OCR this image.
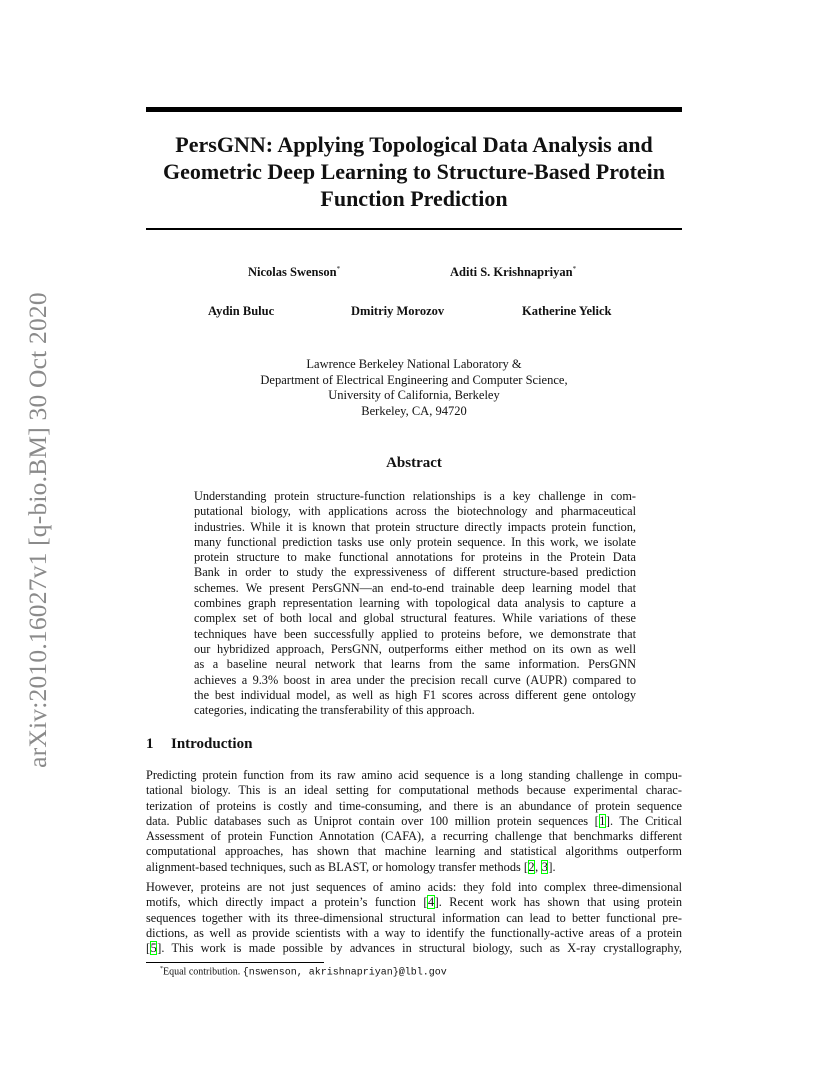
arXiv:2010.16027v1 [q-bio.BM] 30 Oct 2020
PersGNN: Applying Topological Data Analysis and
Geometric Deep Learning to Structure-Based Protein
Function Prediction
Nicolas Swenson*	Aditi S. Krishnapriyan*
Aydin Buluc	Dmitriy Morozov	Katherine Yelick
Lawrence Berkeley National Laboratory &
Department of Electrical Engineering and Computer Science,
University of California, Berkeley
Berkeley, CA, 94720
Abstract
Understanding protein structure-function relationships is a key challenge in com-
putational biology, with applications across the biotechnology and pharmaceutical
industries. While it is known that protein structure directly impacts protein function,
many functional prediction tasks use only protein sequence. In this work, we isolate
protein structure to make functional annotations for proteins in the Protein Data
Bank in order to study the expressiveness of different structure-based prediction
schemes. We present PersGNN—an end-to-end trainable deep learning model that
combines graph representation learning with topological data analysis to capture a
complex set of both local and global structural features. While variations of these
techniques have been successfully applied to proteins before, we demonstrate that
our hybridized approach, PersGNN, outperforms either method on its own as well
as a baseline neural network that learns from the same information. PersGNN
achieves a 9.3% boost in area under the precision recall curve (AUPR) compared to
the best individual model, as well as high F1 scores across different gene ontology
categories, indicating the transferability of this approach.
1 Introduction
Predicting protein function from its raw amino acid sequence is a long standing challenge in compu-
tational biology. This is an ideal setting for computational methods because experimental charac-
terization of proteins is costly and time-consuming, and there is an abundance of protein sequence
data. Public databases such as Uniprot contain over 100 million protein sequences [1]. The Critical
Assessment of protein Function Annotation (CAFA), a recurring challenge that benchmarks different
computational approaches, has shown that machine learning and statistical algorithms outperform
alignment-based techniques, such as BLAST, or homology transfer methods [2, 3].
However, proteins are not just sequences of amino acids: they fold into complex three-dimensional
motifs, which directly impact a protein’s function [4]. Recent work has shown that using protein
sequences together with its three-dimensional structural information can lead to better functional pre-
dictions, as well as provide scientists with a way to identify the functionally-active areas of a protein
[5]. This work is made possible by advances in structural biology, such as X-ray crystallography,
*Equal contribution. {nswenson, akrishnapriyan}@lbl.gov
